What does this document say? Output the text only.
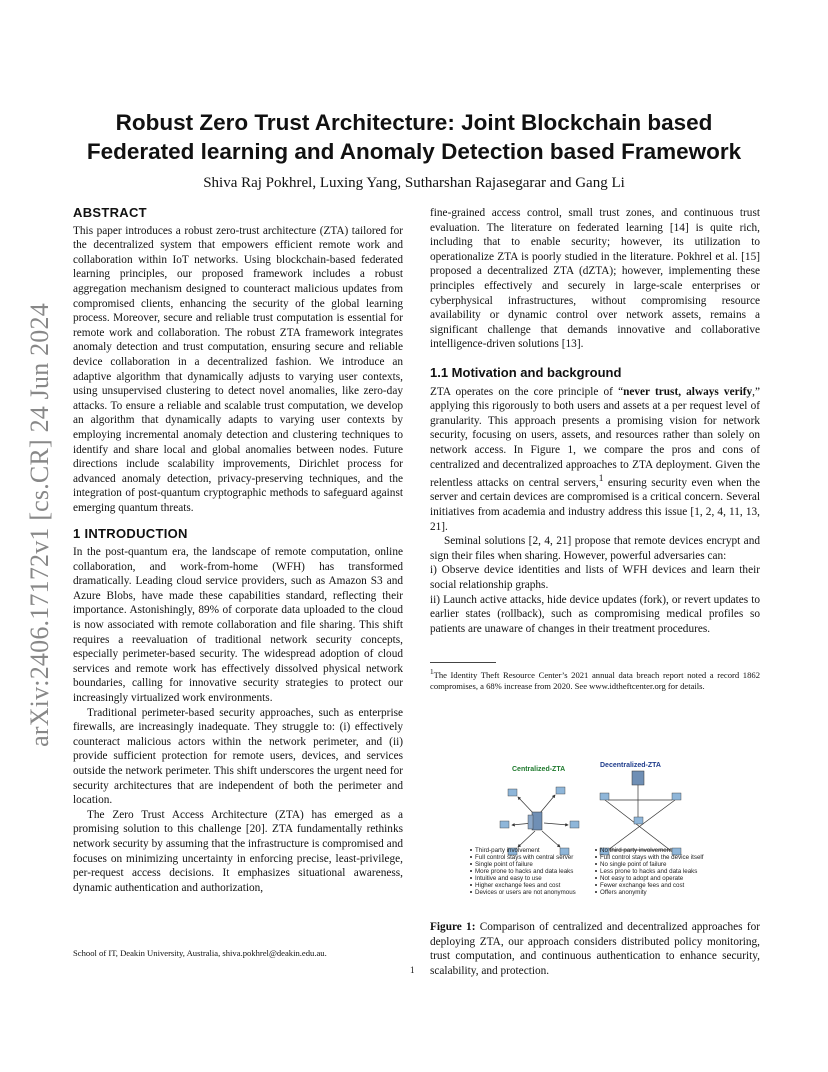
arXiv:2406.17172v1 [cs.CR] 24 Jun 2024
Robust Zero Trust Architecture: Joint Blockchain based Federated learning and Anomaly Detection based Framework
Shiva Raj Pokhrel, Luxing Yang, Sutharshan Rajasegarar and Gang Li
ABSTRACT

This paper introduces a robust zero-trust architecture (ZTA) tailored for the decentralized system that empowers efficient remote work and collaboration within IoT networks. Using blockchain-based federated learning principles, our proposed framework includes a robust aggregation mechanism designed to counteract malicious updates from compromised clients, enhancing the security of the global learning process. Moreover, secure and reliable trust computation is essential for remote work and collaboration. The robust ZTA framework integrates anomaly detection and trust computation, ensuring secure and reliable device collaboration in a decentralized fashion. We introduce an adaptive algorithm that dynamically adjusts to varying user contexts, using unsupervised clustering to detect novel anomalies, like zero-day attacks. To ensure a reliable and scalable trust computation, we develop an algorithm that dynamically adapts to varying user contexts by employing incremental anomaly detection and clustering techniques to identify and share local and global anomalies between nodes. Future directions include scalability improvements, Dirichlet process for advanced anomaly detection, privacy-preserving techniques, and the integration of post-quantum cryptographic methods to safeguard against emerging quantum threats.

1 INTRODUCTION

In the post-quantum era, the landscape of remote computation, online collaboration, and work-from-home (WFH) has transformed dramatically. Leading cloud service providers, such as Amazon S3 and Azure Blobs, have made these capabilities standard, reflecting their importance. Astonishingly, 89% of corporate data uploaded to the cloud is now associated with remote collaboration and file sharing. This shift requires a reevaluation of traditional network security concepts, especially perimeter-based security. The widespread adoption of cloud services and remote work has effectively dissolved physical network boundaries, calling for innovative security strategies to protect our increasingly virtualized work environments.

Traditional perimeter-based security approaches, such as enterprise firewalls, are increasingly inadequate. They struggle to: (i) effectively counteract malicious actors within the network perimeter, and (ii) provide sufficient protection for remote users, devices, and services outside the network perimeter. This shift underscores the urgent need for security architectures that are independent of both the perimeter and location.

The Zero Trust Access Architecture (ZTA) has emerged as a promising solution to this challenge [20]. ZTA fundamentally rethinks network security by assuming that the infrastructure is compromised and focuses on minimizing uncertainty in enforcing precise, least-privilege, per-request access decisions. It emphasizes situational awareness, dynamic authentication and authorization,

School of IT, Deakin University, Australia, shiva.pokhrel@deakin.edu.au.
1

fine-grained access control, small trust zones, and continuous trust evaluation. The literature on federated learning [14] is quite rich, including that to enable security; however, its utilization to operationalize ZTA is poorly studied in the literature. Pokhrel et al. [15] proposed a decentralized ZTA (dZTA); however, implementing these principles effectively and securely in large-scale enterprises or cyberphysical infrastructures, without compromising resource availability or dynamic control over network assets, remains a significant challenge that demands innovative and collaborative intelligence-driven solutions [13].

1.1 Motivation and background

ZTA operates on the core principle of “never trust, always verify,” applying this rigorously to both users and assets at a per request level of granularity. This approach presents a promising vision for network security, focusing on users, assets, and resources rather than solely on network access. In Figure 1, we compare the pros and cons of centralized and decentralized approaches to ZTA deployment. Given the relentless attacks on central servers,$^1$ ensuring security even when the server and certain devices are compromised is a critical concern. Several initiatives from academia and industry address this issue [1, 2, 4, 11, 13, 21].

Seminal solutions [2, 4, 21] propose that remote devices encrypt and sign their files when sharing. However, powerful adversaries can:

i) Observe device identities and lists of WFH devices and learn their social relationship graphs.

ii) Launch active attacks, hide device updates (fork), or revert updates to earlier states (rollback), such as compromising medical profiles so patients are unaware of changes in their treatment procedures.

$^1$The Identity Theft Resource Center’s 2021 annual data breach report noted a record 1862 compromises, a 68% increase from 2020. See www.idtheftcenter.org for details.
Centralized-ZTA
Decentralized-ZTA
Third-party involvement
Full control stays with central server
Single point of failure
More prone to hacks and data leaks
Intuitive and easy to use
Higher exchange fees and cost
Devices or users are not anonymous
No third party involvement
Full control stays with the device itself
No single point of failure
Less prone to hacks and data leaks
Not easy to adopt and operate
Fewer exchange fees and cost
Offers anonymity
Figure 1: Comparison of centralized and decentralized approaches for deploying ZTA, our approach considers distributed policy monitoring, trust computation, and continuous authentication to enhance security, scalability, and protection.
